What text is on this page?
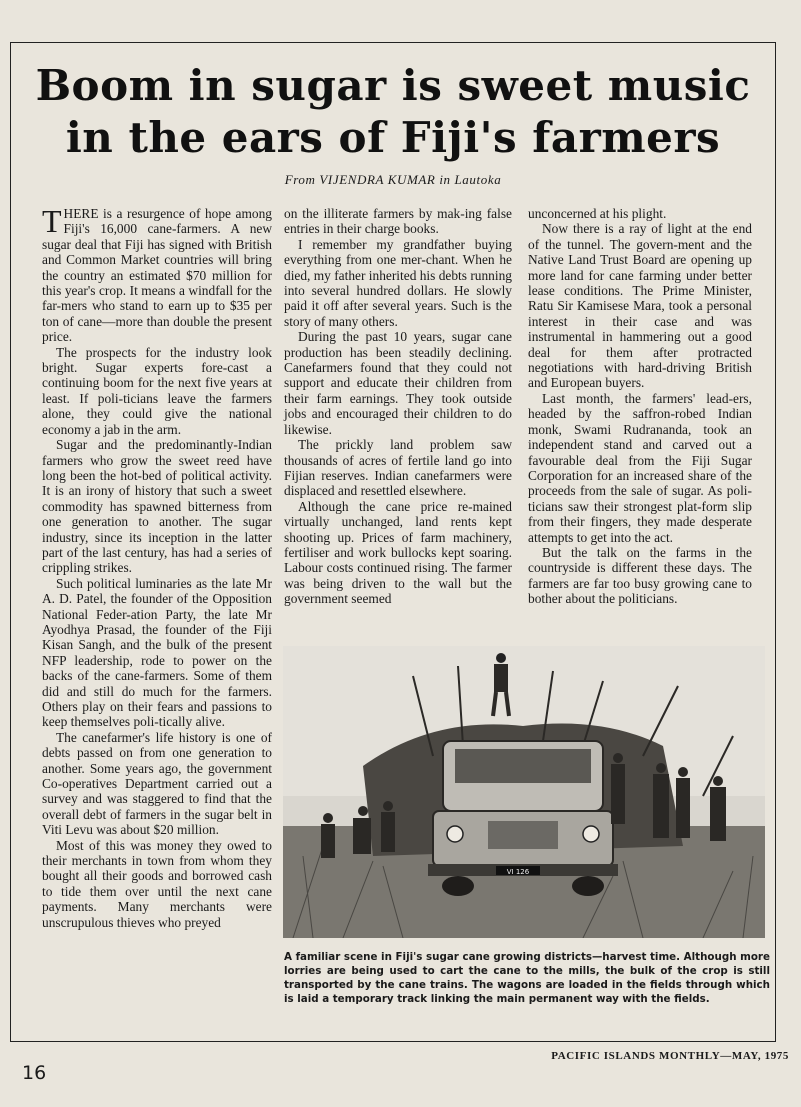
Boom in sugar is sweet music
in the ears of Fiji's farmers
From VIJENDRA KUMAR in Lautoka

THERE is a resurgence of hope among Fiji's 16,000 cane-farmers. A new sugar deal that Fiji has signed with British and Common Market countries will bring the country an estimated $70 million for this year's crop. It means a windfall for the far-mers who stand to earn up to $35 per ton of cane—more than double the present price.

The prospects for the industry look bright. Sugar experts fore-cast a continuing boom for the next five years at least. If poli-ticians leave the farmers alone, they could give the national economy a jab in the arm.

Sugar and the predominantly-Indian farmers who grow the sweet reed have long been the hot-bed of political activity. It is an irony of history that such a sweet commodity has spawned bitterness from one generation to another. The sugar industry, since its inception in the latter part of the last century, has had a series of crippling strikes.

Such political luminaries as the late Mr A. D. Patel, the founder of the Opposition National Feder-ation Party, the late Mr Ayodhya Prasad, the founder of the Fiji Kisan Sangh, and the bulk of the present NFP leadership, rode to power on the backs of the cane-farmers. Some of them did and still do much for the farmers. Others play on their fears and passions to keep themselves poli-tically alive.

The canefarmer's life history is one of debts passed on from one generation to another. Some years ago, the government Co-operatives Department carried out a survey and was staggered to find that the overall debt of farmers in the sugar belt in Viti Levu was about $20 million.

Most of this was money they owed to their merchants in town from whom they bought all their goods and borrowed cash to tide them over until the next cane payments. Many merchants were unscrupulous thieves who preyed

on the illiterate farmers by mak-ing false entries in their charge books.

I remember my grandfather buying everything from one mer-chant. When he died, my father inherited his debts running into several hundred dollars. He slowly paid it off after several years. Such is the story of many others.

During the past 10 years, sugar cane production has been steadily declining. Canefarmers found that they could not support and educate their children from their farm earnings. They took outside jobs and encouraged their children to do likewise.

The prickly land problem saw thousands of acres of fertile land go into Fijian reserves. Indian canefarmers were displaced and resettled elsewhere.

Although the cane price re-mained virtually unchanged, land rents kept shooting up. Prices of farm machinery, fertiliser and work bullocks kept soaring. Labour costs continued rising. The farmer was being driven to the wall but the government seemed

unconcerned at his plight.

Now there is a ray of light at the end of the tunnel. The govern-ment and the Native Land Trust Board are opening up more land for cane farming under better lease conditions. The Prime Minister, Ratu Sir Kamisese Mara, took a personal interest in their case and was instrumental in hammering out a good deal for them after protracted negotiations with hard-driving British and European buyers.

Last month, the farmers' lead-ers, headed by the saffron-robed Indian monk, Swami Rudrananda, took an independent stand and carved out a favourable deal from the Fiji Sugar Corporation for an increased share of the proceeds from the sale of sugar. As poli-ticians saw their strongest plat-form slip from their fingers, they made desperate attempts to get into the act.

But the talk on the farms in the countryside is different these days. The farmers are far too busy growing cane to bother about the politicians.

VI 126
A familiar scene in Fiji's sugar cane growing districts—harvest time. Although more lorries are being used to cart the cane to the mills, the bulk of the crop is still transported by the cane trains. The wagons are loaded in the fields through which is laid a temporary track linking the main permanent way with the fields.
PACIFIC ISLANDS MONTHLY—MAY, 1975
16
